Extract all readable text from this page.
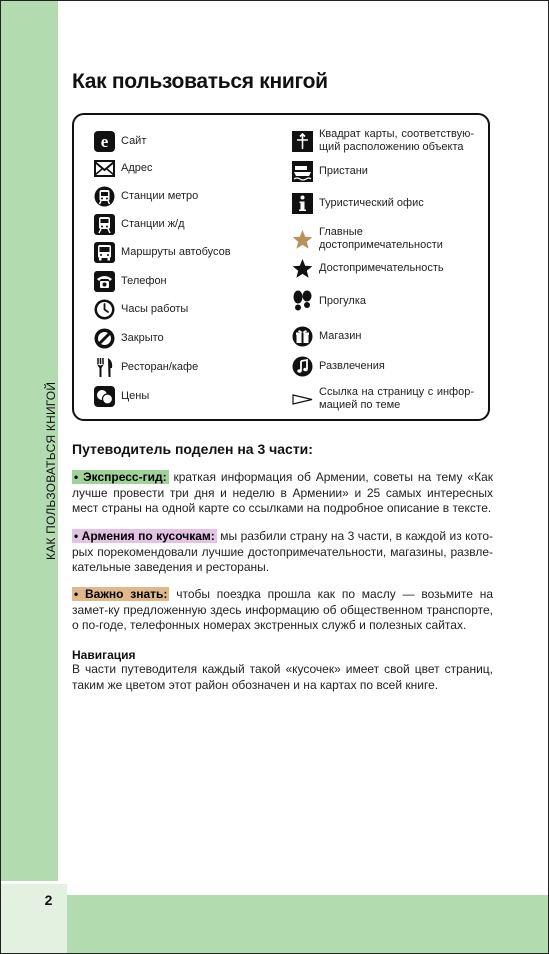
КАК ПОЛЬЗОВАТЬСЯ КНИГОЙ
2
Как пользоваться книгой
e Сайт
Адрес
Станции метро
Станции ж/д
Маршруты автобусов
Телефон
Часы работы
Закрыто
Ресторан/кафе
Цены
Квадрат карты, соответствую-щий расположению объекта
Пристани
Туристический офис
Главные достопримечательности
Достопримечательность
Прогулка
Магазин
Развлечения
Ссылка на страницу с инфор-мацией по теме
Путеводитель поделен на 3 части:
• Экспресс-гид: краткая информация об Армении, советы на тему «Как лучше провести три дня и неделю в Армении» и 25 самых интересных мест страны на одной карте со ссылками на подробное описание в тексте.
• Армения по кусочкам: мы разбили страну на 3 части, в каждой из кото-рых порекомендовали лучшие достопримечательности, магазины, развле-кательные заведения и рестораны.
• Важно знать: чтобы поездка прошла как по маслу — возьмите на замет-ку предложенную здесь информацию об общественном транспорте, о по-годе, телефонных номерах экстренных служб и полезных сайтах.
Навигация
В части путеводителя каждый такой «кусочек» имеет свой цвет страниц, таким же цветом этот район обозначен и на картах по всей книге.
